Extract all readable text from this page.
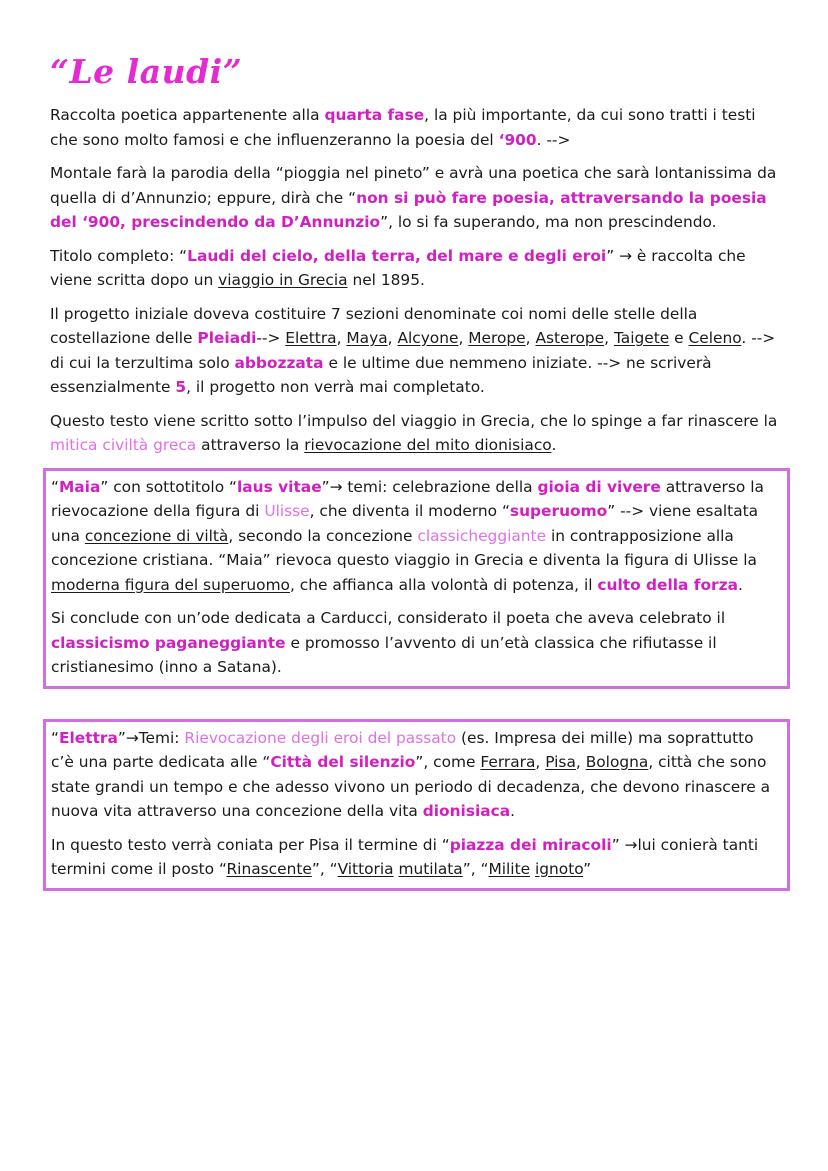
“Le laudi”

Raccolta poetica appartenente alla quarta fase, la più importante, da cui sono tratti i testi che sono molto famosi e che influenzeranno la poesia del ‘900. -->

Montale farà la parodia della “pioggia nel pineto” e avrà una poetica che sarà lontanissima da quella di d’Annunzio; eppure, dirà che “non si può fare poesia, attraversando la poesia del ‘900, prescindendo da D’Annunzio”, lo si fa superando, ma non prescindendo.

Titolo completo: “Laudi del cielo, della terra, del mare e degli eroi” → è raccolta che viene scritta dopo un viaggio in Grecia nel 1895.

Il progetto iniziale doveva costituire 7 sezioni denominate coi nomi delle stelle della costellazione delle Pleiadi--> Elettra, Maya, Alcyone, Merope, Asterope, Taigete e Celeno. --> di cui la terzultima solo abbozzata e le ultime due nemmeno iniziate. --> ne scriverà essenzialmente 5, il progetto non verrà mai completato.

Questo testo viene scritto sotto l’impulso del viaggio in Grecia, che lo spinge a far rinascere la mitica civiltà greca attraverso la rievocazione del mito dionisiaco.

“Maia” con sottotitolo “laus vitae”→ temi: celebrazione della gioia di vivere attraverso la rievocazione della figura di Ulisse, che diventa il moderno “superuomo” --> viene esaltata una concezione di viltà, secondo la concezione classicheggiante in contrapposizione alla concezione cristiana. “Maia” rievoca questo viaggio in Grecia e diventa la figura di Ulisse la moderna figura del superuomo, che affianca alla volontà di potenza, il culto della forza.

Si conclude con un’ode dedicata a Carducci, considerato il poeta che aveva celebrato il classicismo paganeggiante e promosso l’avvento di un’età classica che rifiutasse il cristianesimo (inno a Satana).

“Elettra”→Temi: Rievocazione degli eroi del passato (es. Impresa dei mille) ma soprattutto c’è una parte dedicata alle “Città del silenzio”, come Ferrara, Pisa, Bologna, città che sono state grandi un tempo e che adesso vivono un periodo di decadenza, che devono rinascere a nuova vita attraverso una concezione della vita dionisiaca.

In questo testo verrà coniata per Pisa il termine di “piazza dei miracoli” →lui conierà tanti termini come il posto “Rinascente”, “Vittoria mutilata”, “Milite ignoto”
